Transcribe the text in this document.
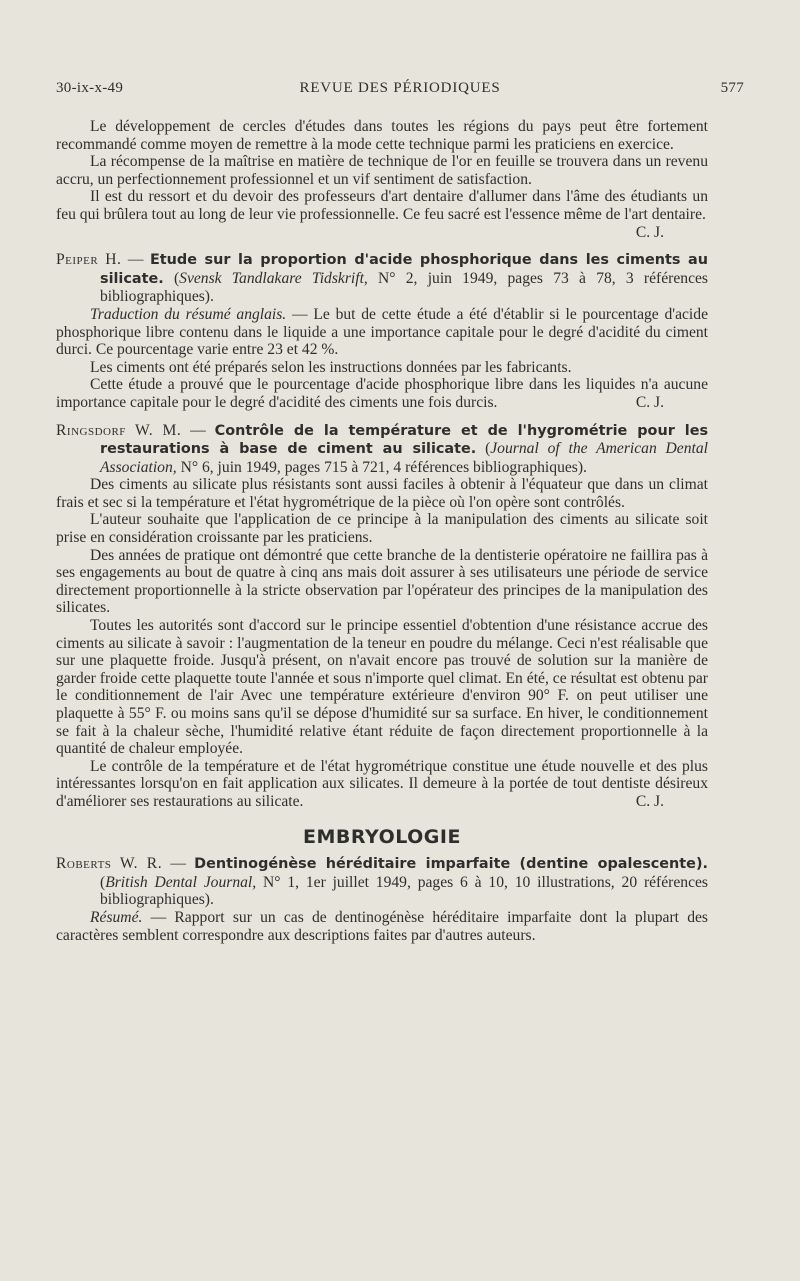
30-ix-x-49	REVUE DES PÉRIODIQUES	577

Le développement de cercles d'études dans toutes les régions du pays peut être fortement recommandé comme moyen de remettre à la mode cette technique parmi les praticiens en exercice.

La récompense de la maîtrise en matière de technique de l'or en feuille se trouvera dans un revenu accru, un perfectionnement professionnel et un vif sentiment de satisfaction.

Il est du ressort et du devoir des professeurs d'art dentaire d'allumer dans l'âme des étudiants un feu qui brûlera tout au long de leur vie professionnelle. Ce feu sacré est l'essence même de l'art dentaire.
C. J.

Peiper H. — Etude sur la proportion d'acide phosphorique dans les ciments au silicate. (Svensk Tandlakare Tidskrift, N° 2, juin 1949, pages 73 à 78, 3 références bibliographiques).

Traduction du résumé anglais. — Le but de cette étude a été d'établir si le pourcentage d'acide phosphorique libre contenu dans le liquide a une importance capitale pour le degré d'acidité du ciment durci. Ce pourcentage varie entre 23 et 42 %.

Les ciments ont été préparés selon les instructions données par les fabricants.

Cette étude a prouvé que le pourcentage d'acide phosphorique libre dans les liquides n'a aucune importance capitale pour le degré d'acidité des ciments une fois durcis.	C. J.

Ringsdorf W. M. — Contrôle de la température et de l'hygrométrie pour les restaurations à base de ciment au silicate. (Journal of the American Dental Association, N° 6, juin 1949, pages 715 à 721, 4 références bibliographiques).

Des ciments au silicate plus résistants sont aussi faciles à obtenir à l'équateur que dans un climat frais et sec si la température et l'état hygrométrique de la pièce où l'on opère sont contrôlés.

L'auteur souhaite que l'application de ce principe à la manipulation des ciments au silicate soit prise en considération croissante par les praticiens.

Des années de pratique ont démontré que cette branche de la dentisterie opératoire ne faillira pas à ses engagements au bout de quatre à cinq ans mais doit assurer à ses utilisateurs une période de service directement proportionnelle à la stricte observation par l'opérateur des principes de la manipulation des silicates.

Toutes les autorités sont d'accord sur le principe essentiel d'obtention d'une résistance accrue des ciments au silicate à savoir : l'augmentation de la teneur en poudre du mélange. Ceci n'est réalisable que sur une plaquette froide. Jusqu'à présent, on n'avait encore pas trouvé de solution sur la manière de garder froide cette plaquette toute l'année et sous n'importe quel climat. En été, ce résultat est obtenu par le conditionnement de l'air Avec une température extérieure d'environ 90° F. on peut utiliser une plaquette à 55° F. ou moins sans qu'il se dépose d'humidité sur sa surface. En hiver, le conditionnement se fait à la chaleur sèche, l'humidité relative étant réduite de façon directement proportionnelle à la quantité de chaleur employée.

Le contrôle de la température et de l'état hygrométrique constitue une étude nouvelle et des plus intéressantes lorsqu'on en fait application aux silicates. Il demeure à la portée de tout dentiste désireux d'améliorer ses restaurations au silicate.	C. J.

EMBRYOLOGIE

Roberts W. R. — Dentinogénèse héréditaire imparfaite (dentine opalescente). (British Dental Journal, N° 1, 1er juillet 1949, pages 6 à 10, 10 illustrations, 20 références bibliographiques).

Résumé. — Rapport sur un cas de dentinogénèse héréditaire imparfaite dont la plupart des caractères semblent correspondre aux descriptions faites par d'autres auteurs.
